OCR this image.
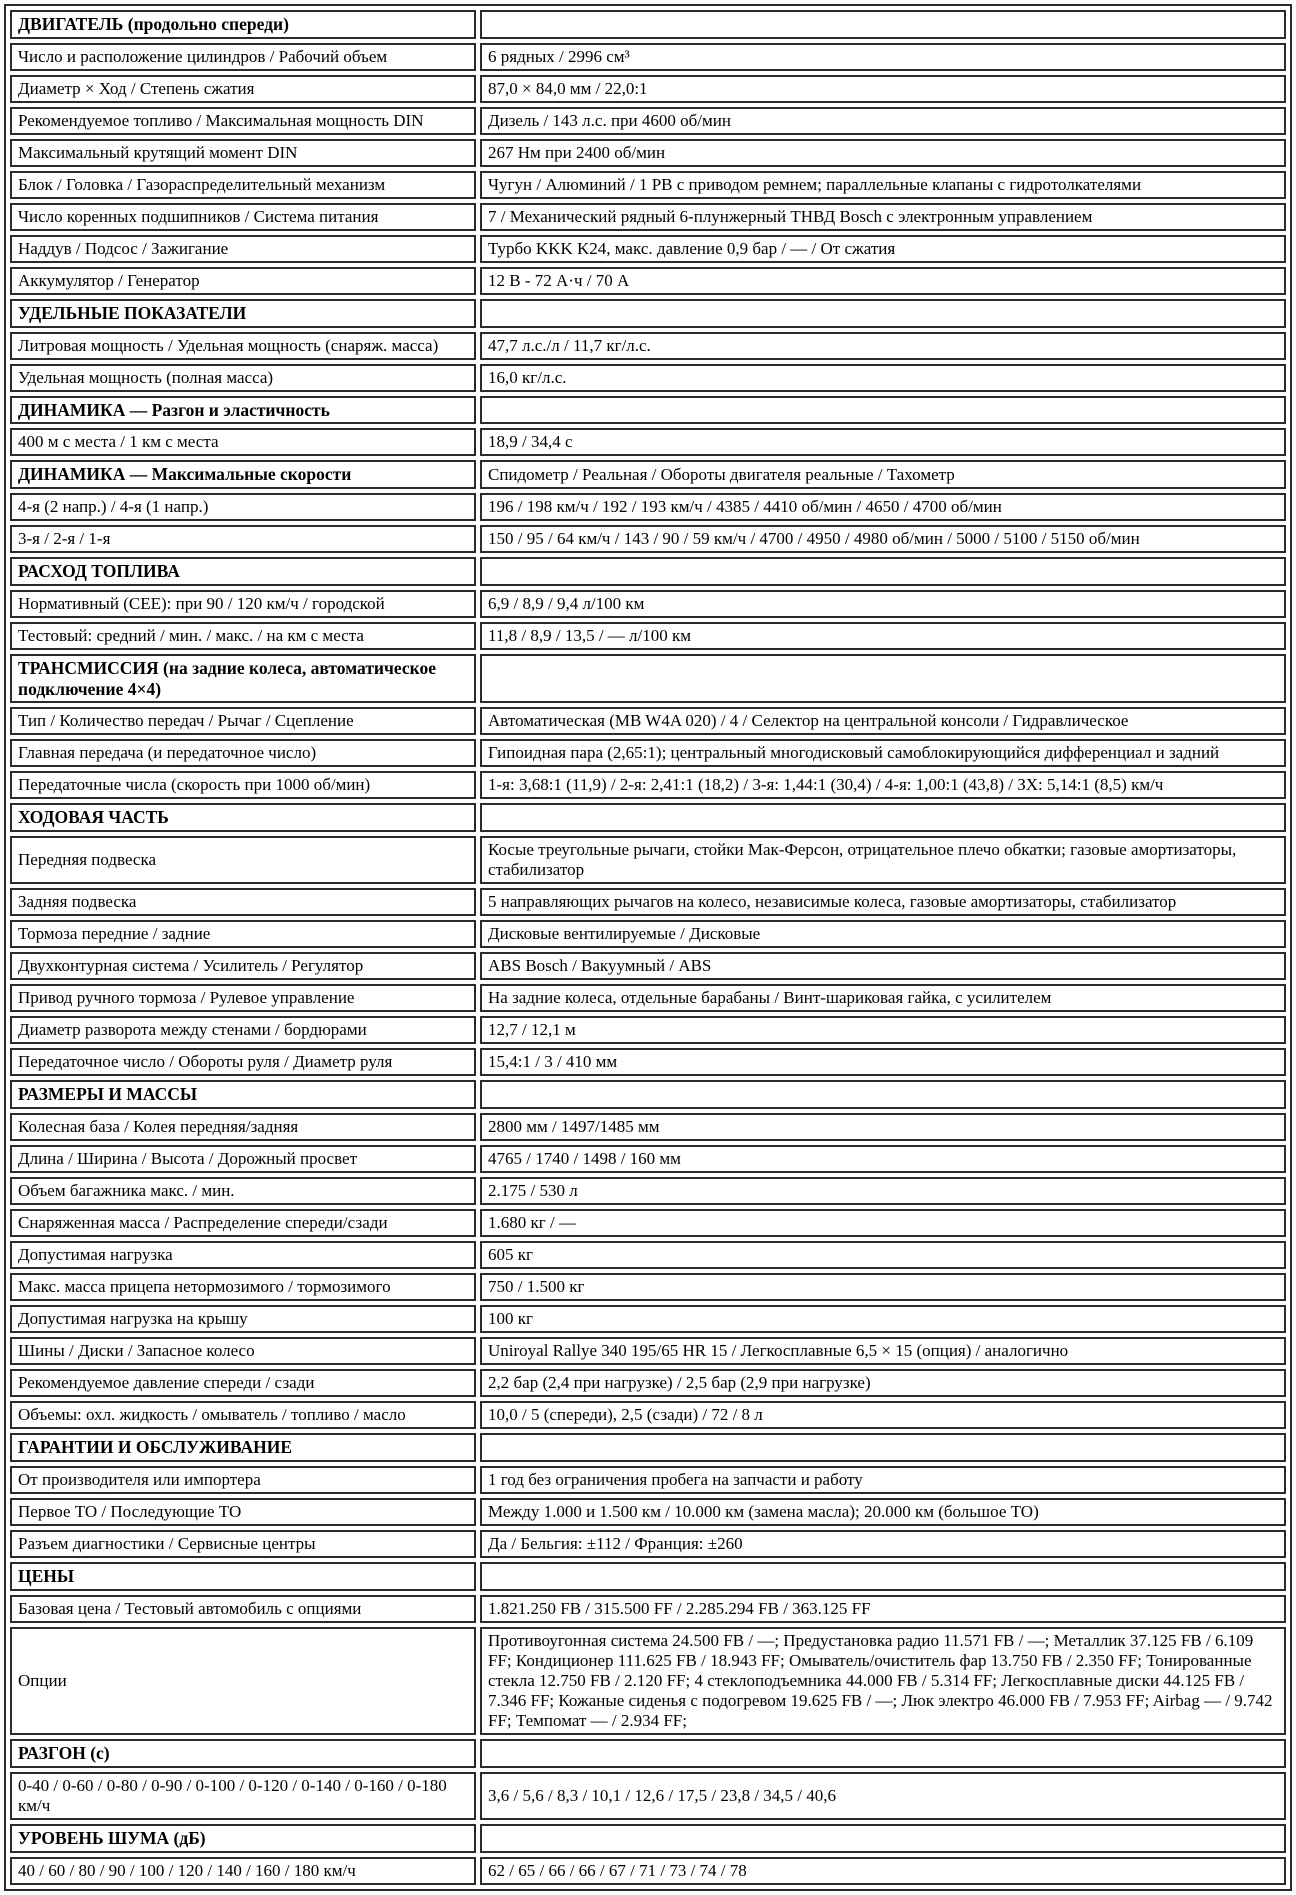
ДВИГАТЕЛЬ (продольно спереди)	
Число и расположение цилиндров / Рабочий объем	6 рядных / 2996 см³
Диаметр × Ход / Степень сжатия	87,0 × 84,0 мм / 22,0:1
Рекомендуемое топливо / Максимальная мощность DIN	Дизель / 143 л.с. при 4600 об/мин
Максимальный крутящий момент DIN	267 Нм при 2400 об/мин
Блок / Головка / Газораспределительный механизм	Чугун / Алюминий / 1 РВ с приводом ремнем; параллельные клапаны с гидротолкателями
Число коренных подшипников / Система питания	7 / Механический рядный 6-плунжерный ТНВД Bosch с электронным управлением
Наддув / Подсос / Зажигание	Турбо KKK K24, макс. давление 0,9 бар / — / От сжатия
Аккумулятор / Генератор	12 В - 72 А·ч / 70 А
УДЕЛЬНЫЕ ПОКАЗАТЕЛИ	
Литровая мощность / Удельная мощность (снаряж. масса)	47,7 л.с./л / 11,7 кг/л.с.
Удельная мощность (полная масса)	16,0 кг/л.с.
ДИНАМИКА — Разгон и эластичность	
400 м с места / 1 км с места	18,9 / 34,4 с
ДИНАМИКА — Максимальные скорости	Спидометр / Реальная / Обороты двигателя реальные / Тахометр
4-я (2 напр.) / 4-я (1 напр.)	196 / 198 км/ч / 192 / 193 км/ч / 4385 / 4410 об/мин / 4650 / 4700 об/мин
3-я / 2-я / 1-я	150 / 95 / 64 км/ч / 143 / 90 / 59 км/ч / 4700 / 4950 / 4980 об/мин / 5000 / 5100 / 5150 об/мин
РАСХОД ТОПЛИВА	
Нормативный (CEE): при 90 / 120 км/ч / городской	6,9 / 8,9 / 9,4 л/100 км
Тестовый: средний / мин. / макс. / на км с места	11,8 / 8,9 / 13,5 / — л/100 км
ТРАНСМИССИЯ (на задние колеса, автоматическое подключение 4×4)	
Тип / Количество передач / Рычаг / Сцепление	Автоматическая (MB W4A 020) / 4 / Селектор на центральной консоли / Гидравлическое
Главная передача (и передаточное число)	Гипоидная пара (2,65:1); центральный многодисковый самоблокирующийся дифференциал и задний
Передаточные числа (скорость при 1000 об/мин)	1-я: 3,68:1 (11,9) / 2-я: 2,41:1 (18,2) / 3-я: 1,44:1 (30,4) / 4-я: 1,00:1 (43,8) / ЗХ: 5,14:1 (8,5) км/ч
ХОДОВАЯ ЧАСТЬ	
Передняя подвеска	Косые треугольные рычаги, стойки Мак-Ферсон, отрицательное плечо обкатки; газовые амортизаторы, стабилизатор
Задняя подвеска	5 направляющих рычагов на колесо, независимые колеса, газовые амортизаторы, стабилизатор
Тормоза передние / задние	Дисковые вентилируемые / Дисковые
Двухконтурная система / Усилитель / Регулятор	ABS Bosch / Вакуумный / ABS
Привод ручного тормоза / Рулевое управление	На задние колеса, отдельные барабаны / Винт-шариковая гайка, с усилителем
Диаметр разворота между стенами / бордюрами	12,7 / 12,1 м
Передаточное число / Обороты руля / Диаметр руля	15,4:1 / 3 / 410 мм
РАЗМЕРЫ И МАССЫ	
Колесная база / Колея передняя/задняя	2800 мм / 1497/1485 мм
Длина / Ширина / Высота / Дорожный просвет	4765 / 1740 / 1498 / 160 мм
Объем багажника макс. / мин.	2.175 / 530 л
Снаряженная масса / Распределение спереди/сзади	1.680 кг / —
Допустимая нагрузка	605 кг
Макс. масса прицепа нетормозимого / тормозимого	750 / 1.500 кг
Допустимая нагрузка на крышу	100 кг
Шины / Диски / Запасное колесо	Uniroyal Rallye 340 195/65 HR 15 / Легкосплавные 6,5 × 15 (опция) / аналогично
Рекомендуемое давление спереди / сзади	2,2 бар (2,4 при нагрузке) / 2,5 бар (2,9 при нагрузке)
Объемы: охл. жидкость / омыватель / топливо / масло	10,0 / 5 (спереди), 2,5 (сзади) / 72 / 8 л
ГАРАНТИИ И ОБСЛУЖИВАНИЕ	
От производителя или импортера	1 год без ограничения пробега на запчасти и работу
Первое ТО / Последующие ТО	Между 1.000 и 1.500 км / 10.000 км (замена масла); 20.000 км (большое ТО)
Разъем диагностики / Сервисные центры	Да / Бельгия: ±112 / Франция: ±260
ЦЕНЫ	
Базовая цена / Тестовый автомобиль с опциями	1.821.250 FB / 315.500 FF / 2.285.294 FB / 363.125 FF
Опции	Противоугонная система 24.500 FB / —; Предустановка радио 11.571 FB / —; Металлик 37.125 FB / 6.109 FF; Кондиционер 111.625 FB / 18.943 FF; Омыватель/очиститель фар 13.750 FB / 2.350 FF; Тонированные стекла 12.750 FB / 2.120 FF; 4 стеклоподъемника 44.000 FB / 5.314 FF; Легкосплавные диски 44.125 FB / 7.346 FF; Кожаные сиденья с подогревом 19.625 FB / —; Люк электро 46.000 FB / 7.953 FF; Airbag — / 9.742 FF; Темпомат — / 2.934 FF;
РАЗГОН (с)	
0-40 / 0-60 / 0-80 / 0-90 / 0-100 / 0-120 / 0-140 / 0-160 / 0-180 км/ч	3,6 / 5,6 / 8,3 / 10,1 / 12,6 / 17,5 / 23,8 / 34,5 / 40,6
УРОВЕНЬ ШУМА (дБ)	
40 / 60 / 80 / 90 / 100 / 120 / 140 / 160 / 180 км/ч	62 / 65 / 66 / 66 / 67 / 71 / 73 / 74 / 78
